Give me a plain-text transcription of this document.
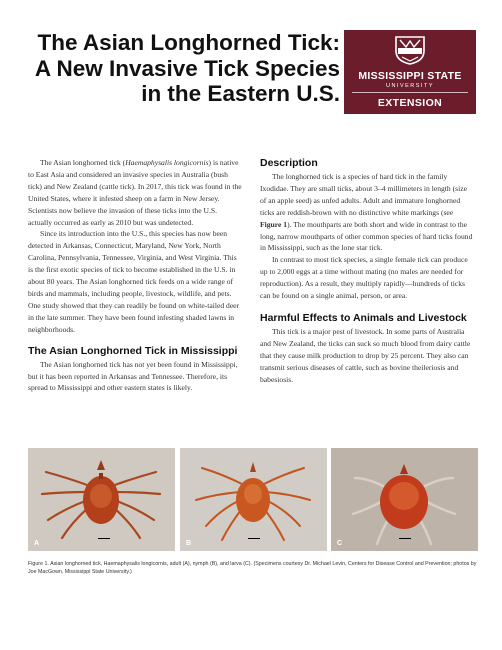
The Asian Longhorned Tick:
A New Invasive Tick Species
in the Eastern U.S.
MISSISSIPPI STATE
UNIVERSITY
EXTENSION

The Asian longhorned tick (Haemaphysalis longicornis) is native to East Asia and considered an invasive species in Australia (bush tick) and New Zealand (cattle tick). In 2017, this tick was found in the United States, where it infested sheep on a farm in New Jersey. Scientists now believe the invasion of these ticks into the U.S. actually occurred as early as 2010 but was undetected.

Since its introduction into the U.S., this species has now been detected in Arkansas, Connecticut, Maryland, New York, North Carolina, Pennsylvania, Tennessee, Virginia, and West Virginia. This is the first exotic species of tick to become established in the U.S. in about 80 years. The Asian longhorned tick feeds on a wide range of birds and mammals, including people, livestock, wildlife, and pets. One study showed that they can readily be found on white-tailed deer in the late summer. They have been found infesting shaded lawns in neighborhoods.

The Asian Longhorned Tick in Mississippi

The Asian longhorned tick has not yet been found in Mississippi, but it has been reported in Arkansas and Tennessee. Therefore, its spread to Mississippi and other eastern states is likely.

Description

The longhorned tick is a species of hard tick in the family Ixodidae. They are small ticks, about 3–4 millimeters in length (size of an apple seed) as unfed adults. Adult and immature longhorned ticks are reddish-brown with no distinctive white markings (see Figure 1). The mouthparts are both short and wide in contrast to the long, narrow mouthparts of other common species of hard ticks found in Mississippi, such as the lone star tick.

In contrast to most tick species, a single female tick can produce up to 2,000 eggs at a time without mating (no males are needed for reproduction). As a result, they multiply rapidly—hundreds of ticks can be found on a single animal, person, or area.

Harmful Effects to Animals and Livestock

This tick is a major pest of livestock. In some parts of Australia and New Zealand, the ticks can suck so much blood from dairy cattle that they cause milk production to drop by 25 percent. They also can transmit serious diseases of cattle, such as bovine theileriosis and babesiosis.

A	B	C
Figure 1. Asian longhorned tick, Haemaphysalis longicornis, adult (A), nymph (B), and larva (C). (Specimens courtesy Dr. Michael Levin, Centers for Disease Control and Prevention; photos by Joe MacGown, Mississippi State University.)
